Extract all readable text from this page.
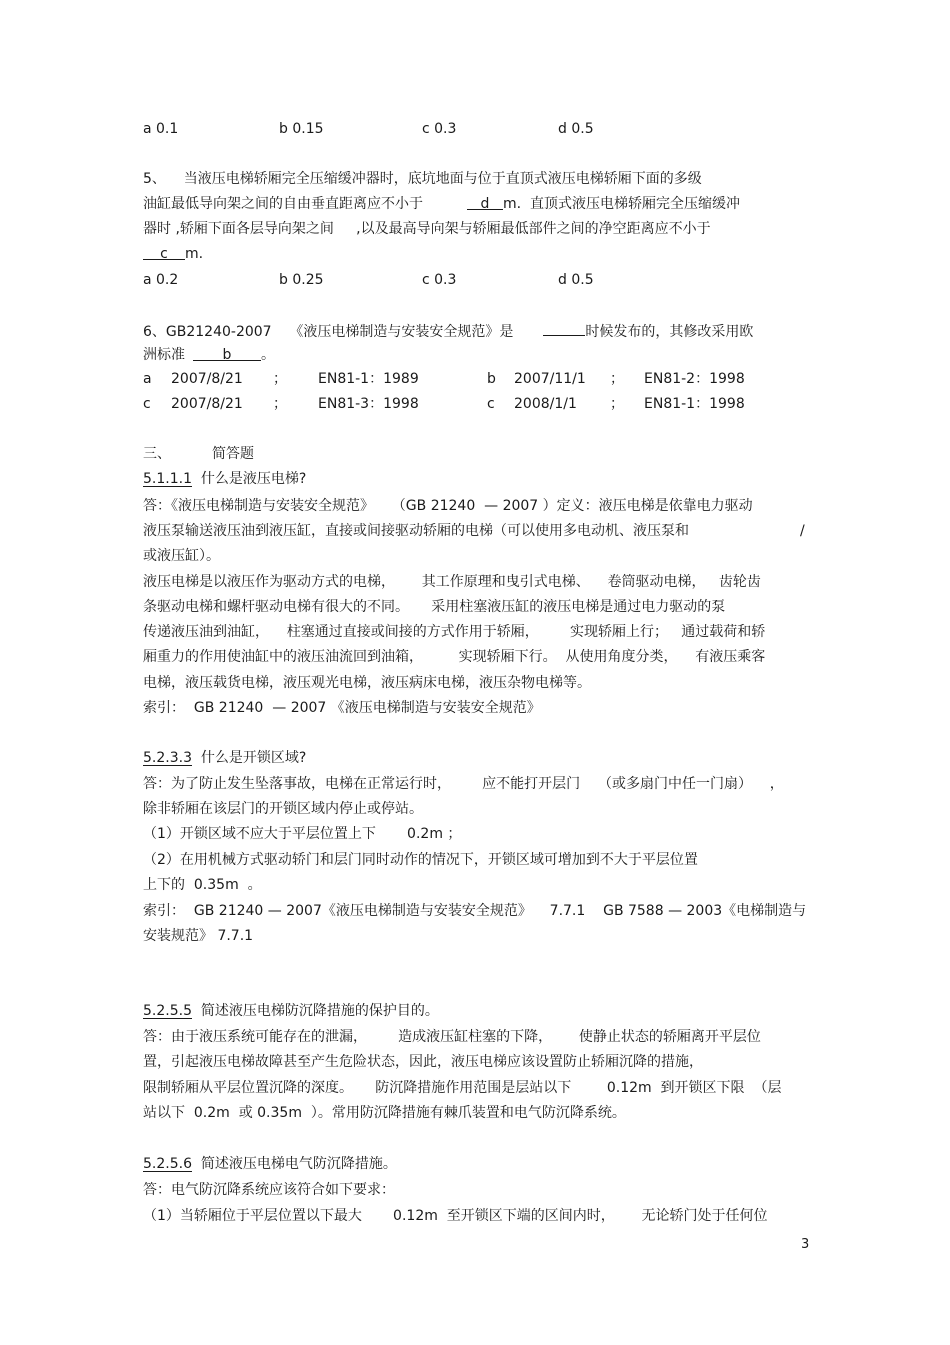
a 0.1	b 0.15	c 0.3	d 0.5
5、    当液压电梯轿厢完全压缩缓冲器时，底坑地面与位于直顶式液压电梯轿厢下面的多级
油缸最低导向架之间的自由垂直距离应不小于	d m.  直顶式液压电梯轿厢完全压缩缓冲
器时 ,轿厢下面各层导向架之间     ,以及最高导向架与轿厢最低部件之间的净空距离应不小于
c m.
a 0.2	b 0.25	c 0.3	d 0.5
6、GB21240-2007    《液压电梯制造与安装安全规范》是	时候发布的，其修改采用欧
洲标准	b 。
a 2007/8/21 ； EN81-1：1989	b 2007/11/1 ； EN81-2：1998
c 2007/8/21 ； EN81-3：1998	c 2008/1/1 ； EN81-1：1998
三、	简答题
5.1.1.1 什么是液压电梯?
答：《液压电梯制造与安装安全规范》    （GB 21240  — 2007 ）定义：液压电梯是依靠电力驱动
液压泵输送液压油到液压缸，直接或间接驱动轿厢的电梯（可以使用多电动机、液压泵和	/
或液压缸）。
液压电梯是以液压作为驱动方式的电梯，      其工作原理和曳引式电梯、    卷筒驱动电梯，   齿轮齿
条驱动电梯和螺杆驱动电梯有很大的不同。     采用柱塞液压缸的液压电梯是通过电力驱动的泵
传递液压油到油缸，    柱塞通过直接或间接的方式作用于轿厢，       实现轿厢上行；   通过载荷和轿
厢重力的作用使油缸中的液压油流回到油箱，        实现轿厢下行。  从使用角度分类，    有液压乘客
电梯，液压载货电梯，液压观光电梯，液压病床电梯，液压杂物电梯等。
索引：  GB 21240  — 2007 《液压电梯制造与安装安全规范》
5.2.3.3 什么是开锁区域?
答：为了防止发生坠落事故，电梯在正常运行时，       应不能打开层门    （或多扇门中任一门扇）    ，
除非轿厢在该层门的开锁区域内停止或停站。
（1）开锁区域不应大于平层位置上下       0.2m ；
（2）在用机械方式驱动轿门和层门同时动作的情况下，开锁区域可增加到不大于平层位置
上下的  0.35m  。
索引：  GB 21240 — 2007《液压电梯制造与安装安全规范》    7.7.1    GB 7588 — 2003《电梯制造与
安装规范》 7.7.1
5.2.5.5 简述液压电梯防沉降措施的保护目的。
答：由于液压系统可能存在的泄漏，       造成液压缸柱塞的下降，      使静止状态的轿厢离开平层位
置，引起液压电梯故障甚至产生危险状态，因此，液压电梯应该设置防止轿厢沉降的措施，
限制轿厢从平层位置沉降的深度。     防沉降措施作用范围是层站以下        0.12m  到开锁区下限  （层
站以下  0.2m  或 0.35m  ）。常用防沉降措施有棘爪装置和电气防沉降系统。
5.2.5.6 简述液压电梯电气防沉降措施。
答：电气防沉降系统应该符合如下要求：
（1）当轿厢位于平层位置以下最大       0.12m  至开锁区下端的区间内时，      无论轿门处于任何位
3
